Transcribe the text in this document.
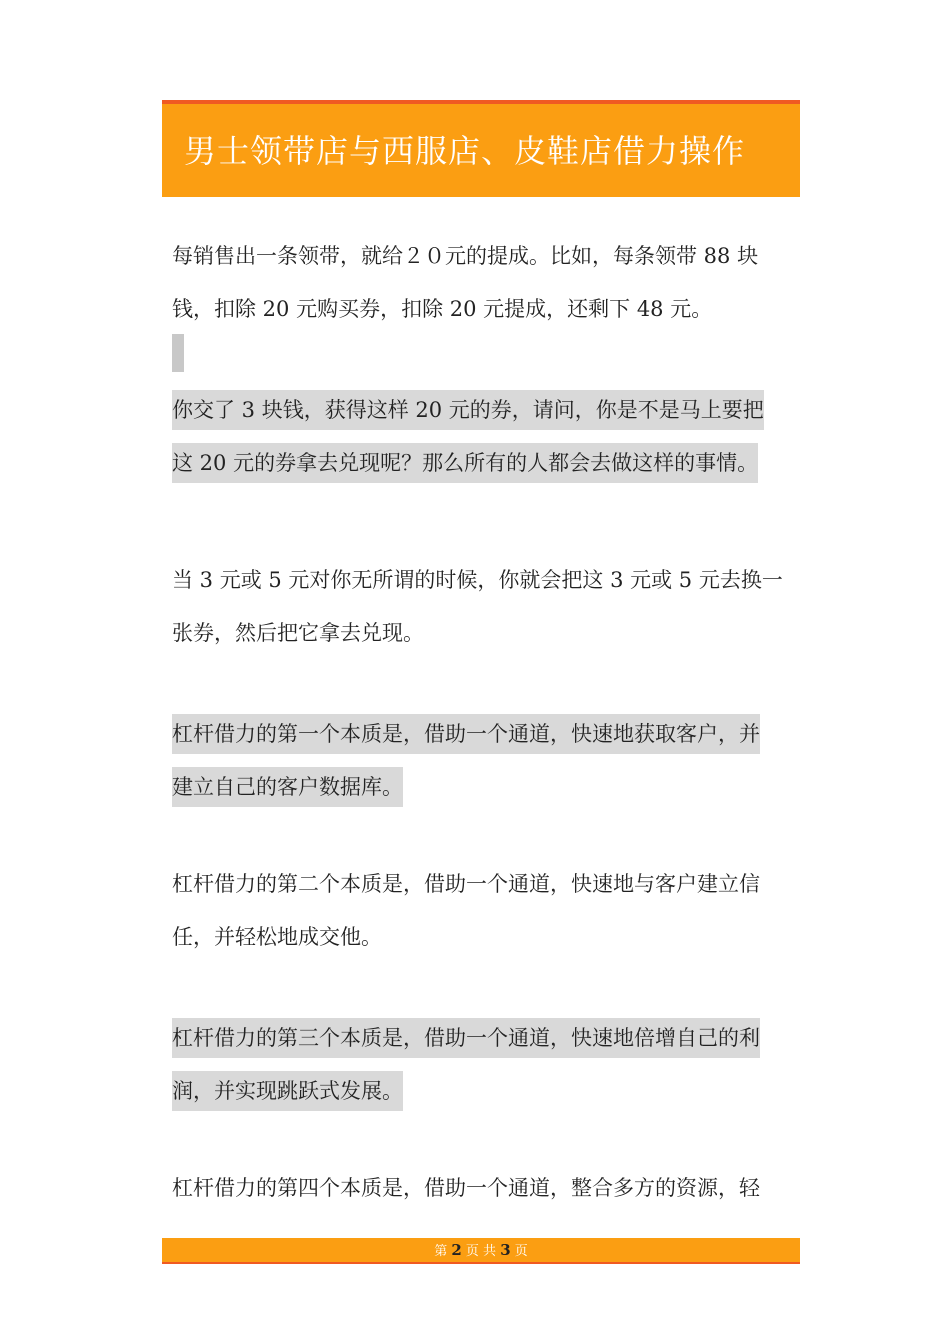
男士领带店与西服店、皮鞋店借力操作
每销售出一条领带，就给２０元的提成。比如，每条领带 88 块
钱，扣除 20 元购买券，扣除 20 元提成，还剩下 48 元。
你交了 3 块钱，获得这样 20 元的券，请问，你是不是马上要把
这 20 元的券拿去兑现呢？那么所有的人都会去做这样的事情。
当 3 元或 5 元对你无所谓的时候，你就会把这 3 元或 5 元去换一
张券，然后把它拿去兑现。
杠杆借力的第一个本质是，借助一个通道，快速地获取客户，并
建立自己的客户数据库。
杠杆借力的第二个本质是，借助一个通道，快速地与客户建立信
任，并轻松地成交他。
杠杆借力的第三个本质是，借助一个通道，快速地倍增自己的利
润，并实现跳跃式发展。
杠杆借力的第四个本质是，借助一个通道，整合多方的资源，轻
第 2 页 共 3 页
